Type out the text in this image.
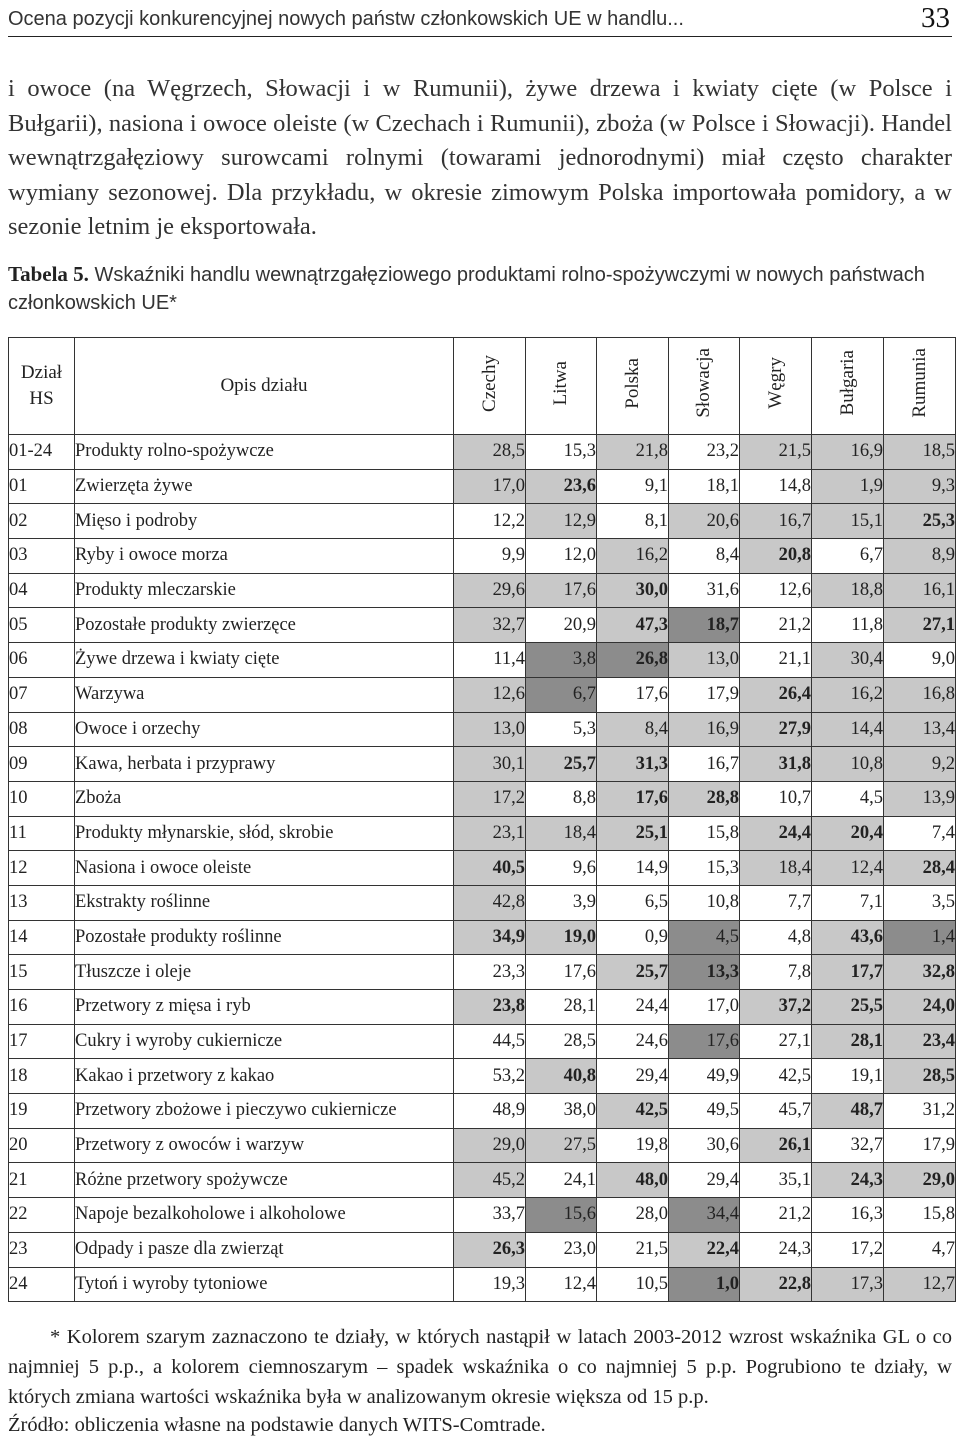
Ocena pozycji konkurencyjnej nowych państw członkowskich UE w handlu...	33

i owoce (na Węgrzech, Słowacji i w Rumunii), żywe drzewa i kwiaty cięte (w Polsce i Bułgarii), nasiona i owoce oleiste (w Czechach i Rumunii), zboża (w Polsce i Słowacji). Handel wewnątrzgałęziowy surowcami rolnymi (towarami jednorodnymi) miał często charakter wymiany sezonowej. Dla przykładu, w okresie zimowym Polska importowała pomidory, a w sezonie letnim je eksportowała.

Tabela 5. Wskaźniki handlu wewnątrzgałęziowego produktami rolno-spożywczymi w nowych państwach członkowskich UE*
Dział
HS	Opis działu	Czechy	Litwa	Polska	Słowacja	Węgry	Bułgaria	Rumunia
01-24	Produkty rolno-spożywcze	28,5	15,3	21,8	23,2	21,5	16,9	18,5
01	Zwierzęta żywe	17,0	23,6	9,1	18,1	14,8	1,9	9,3
02	Mięso i podroby	12,2	12,9	8,1	20,6	16,7	15,1	25,3
03	Ryby i owoce morza	9,9	12,0	16,2	8,4	20,8	6,7	8,9
04	Produkty mleczarskie	29,6	17,6	30,0	31,6	12,6	18,8	16,1
05	Pozostałe produkty zwierzęce	32,7	20,9	47,3	18,7	21,2	11,8	27,1
06	Żywe drzewa i kwiaty cięte	11,4	3,8	26,8	13,0	21,1	30,4	9,0
07	Warzywa	12,6	6,7	17,6	17,9	26,4	16,2	16,8
08	Owoce i orzechy	13,0	5,3	8,4	16,9	27,9	14,4	13,4
09	Kawa, herbata i przyprawy	30,1	25,7	31,3	16,7	31,8	10,8	9,2
10	Zboża	17,2	8,8	17,6	28,8	10,7	4,5	13,9
11	Produkty młynarskie, słód, skrobie	23,1	18,4	25,1	15,8	24,4	20,4	7,4
12	Nasiona i owoce oleiste	40,5	9,6	14,9	15,3	18,4	12,4	28,4
13	Ekstrakty roślinne	42,8	3,9	6,5	10,8	7,7	7,1	3,5
14	Pozostałe produkty roślinne	34,9	19,0	0,9	4,5	4,8	43,6	1,4
15	Tłuszcze i oleje	23,3	17,6	25,7	13,3	7,8	17,7	32,8
16	Przetwory z mięsa i ryb	23,8	28,1	24,4	17,0	37,2	25,5	24,0
17	Cukry i wyroby cukiernicze	44,5	28,5	24,6	17,6	27,1	28,1	23,4
18	Kakao i przetwory z kakao	53,2	40,8	29,4	49,9	42,5	19,1	28,5
19	Przetwory zbożowe i pieczywo cukiernicze	48,9	38,0	42,5	49,5	45,7	48,7	31,2
20	Przetwory z owoców i warzyw	29,0	27,5	19,8	30,6	26,1	32,7	17,9
21	Różne przetwory spożywcze	45,2	24,1	48,0	29,4	35,1	24,3	29,0
22	Napoje bezalkoholowe i alkoholowe	33,7	15,6	28,0	34,4	21,2	16,3	15,8
23	Odpady i pasze dla zwierząt	26,3	23,0	21,5	22,4	24,3	17,2	4,7
24	Tytoń i wyroby tytoniowe	19,3	12,4	10,5	1,0	22,8	17,3	12,7

* Kolorem szarym zaznaczono te działy, w których nastąpił w latach 2003-2012 wzrost wskaźnika GL o co najmniej 5 p.p., a kolorem ciemnoszarym – spadek wskaźnika o co najmniej 5 p.p. Pogrubiono te działy, w których zmiana wartości wskaźnika była w analizowanym okresie większa od 15 p.p.

Źródło: obliczenia własne na podstawie danych WITS-Comtrade.
